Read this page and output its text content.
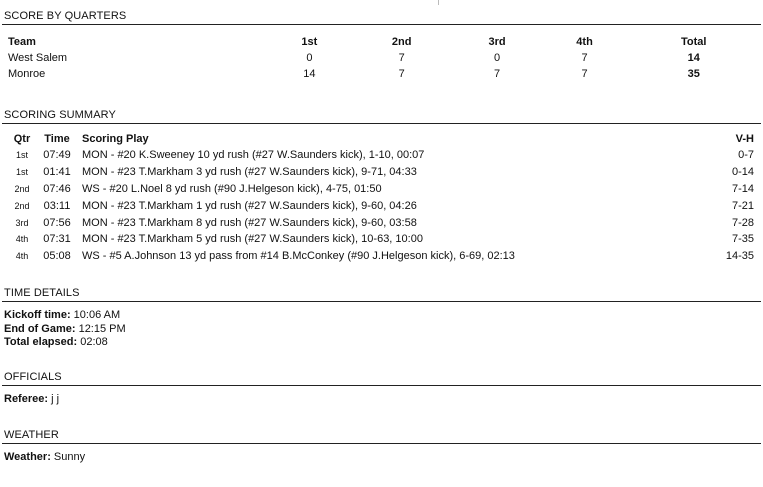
SCORE BY QUARTERS
Team	1st	2nd	3rd	4th	Total
West Salem	0	7	0	7	14
Monroe	14	7	7	7	35
SCORING SUMMARY
Qtr	Time	Scoring Play	V-H
1st	07:49	MON - #20 K.Sweeney 10 yd rush (#27 W.Saunders kick), 1-10, 00:07	0-7
1st	01:41	MON - #23 T.Markham 3 yd rush (#27 W.Saunders kick), 9-71, 04:33	0-14
2nd	07:46	WS - #20 L.Noel 8 yd rush (#90 J.Helgeson kick), 4-75, 01:50	7-14
2nd	03:11	MON - #23 T.Markham 1 yd rush (#27 W.Saunders kick), 9-60, 04:26	7-21
3rd	07:56	MON - #23 T.Markham 8 yd rush (#27 W.Saunders kick), 9-60, 03:58	7-28
4th	07:31	MON - #23 T.Markham 5 yd rush (#27 W.Saunders kick), 10-63, 10:00	7-35
4th	05:08	WS - #5 A.Johnson 13 yd pass from #14 B.McConkey (#90 J.Helgeson kick), 6-69, 02:13	14-35
TIME DETAILS
Kickoff time: 10:06 AM
End of Game: 12:15 PM
Total elapsed: 02:08
OFFICIALS
Referee: j j
WEATHER
Weather: Sunny
